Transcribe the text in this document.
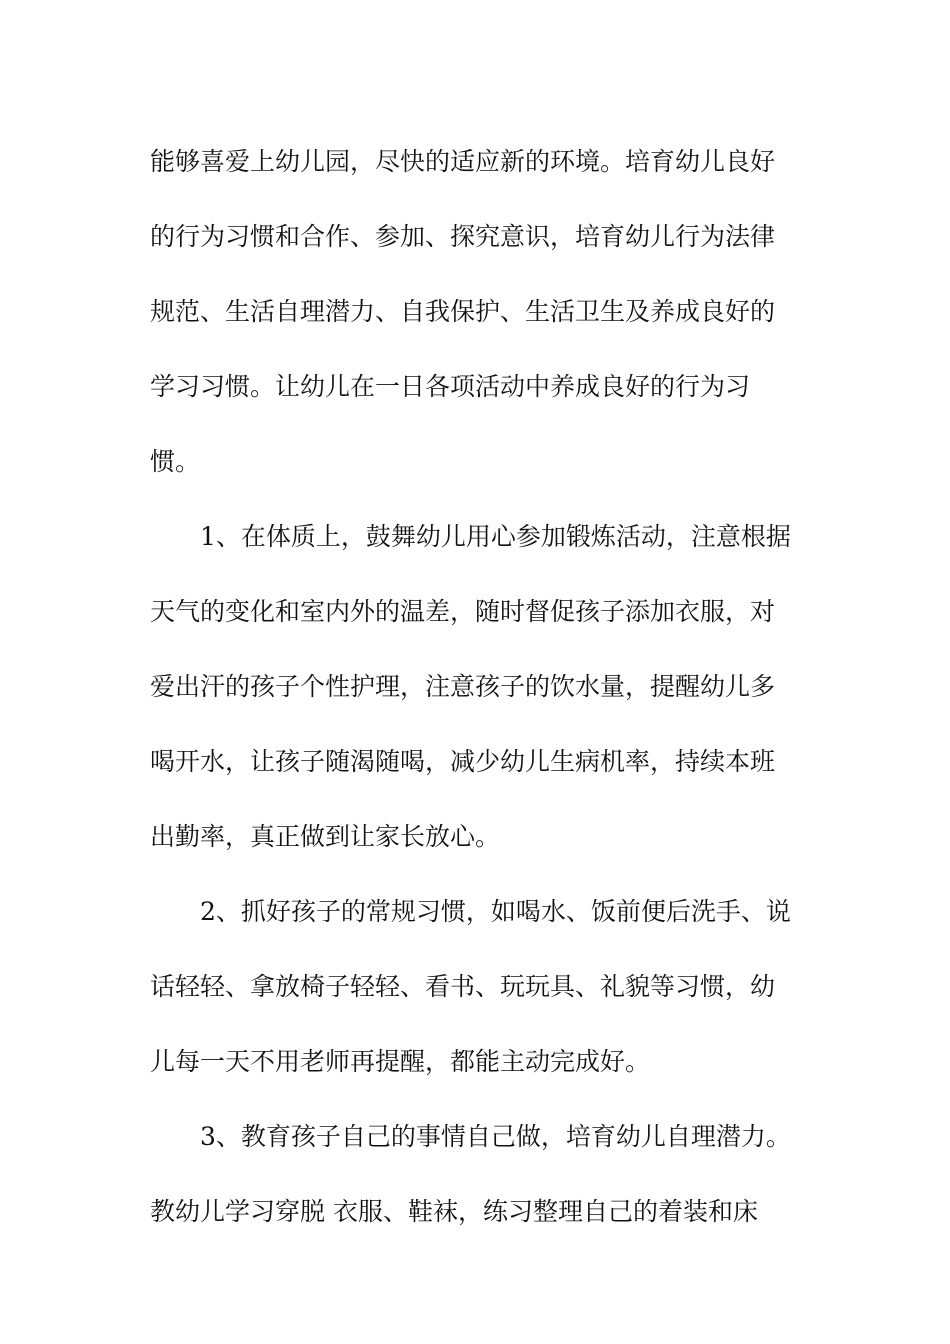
能够喜爱上幼儿园，尽快的适应新的环境。培育幼儿良好
的行为习惯和合作、参加、探究意识，培育幼儿行为法律
规范、生活自理潜力、自我保护、生活卫生及养成良好的
学习习惯。让幼儿在一日各项活动中养成良好的行为习
惯。

1、在体质上，鼓舞幼儿用心参加锻炼活动，注意根据
天气的变化和室内外的温差，随时督促孩子添加衣服，对
爱出汗的孩子个性护理，注意孩子的饮水量，提醒幼儿多
喝开水，让孩子随渴随喝，减少幼儿生病机率，持续本班
出勤率，真正做到让家长放心。

2、抓好孩子的常规习惯，如喝水、饭前便后洗手、说
话轻轻、拿放椅子轻轻、看书、玩玩具、礼貌等习惯，幼
儿每一天不用老师再提醒，都能主动完成好。

3、教育孩子自己的事情自己做，培育幼儿自理潜力。
教幼儿学习穿脱 衣服、鞋袜，练习整理自己的着装和床
